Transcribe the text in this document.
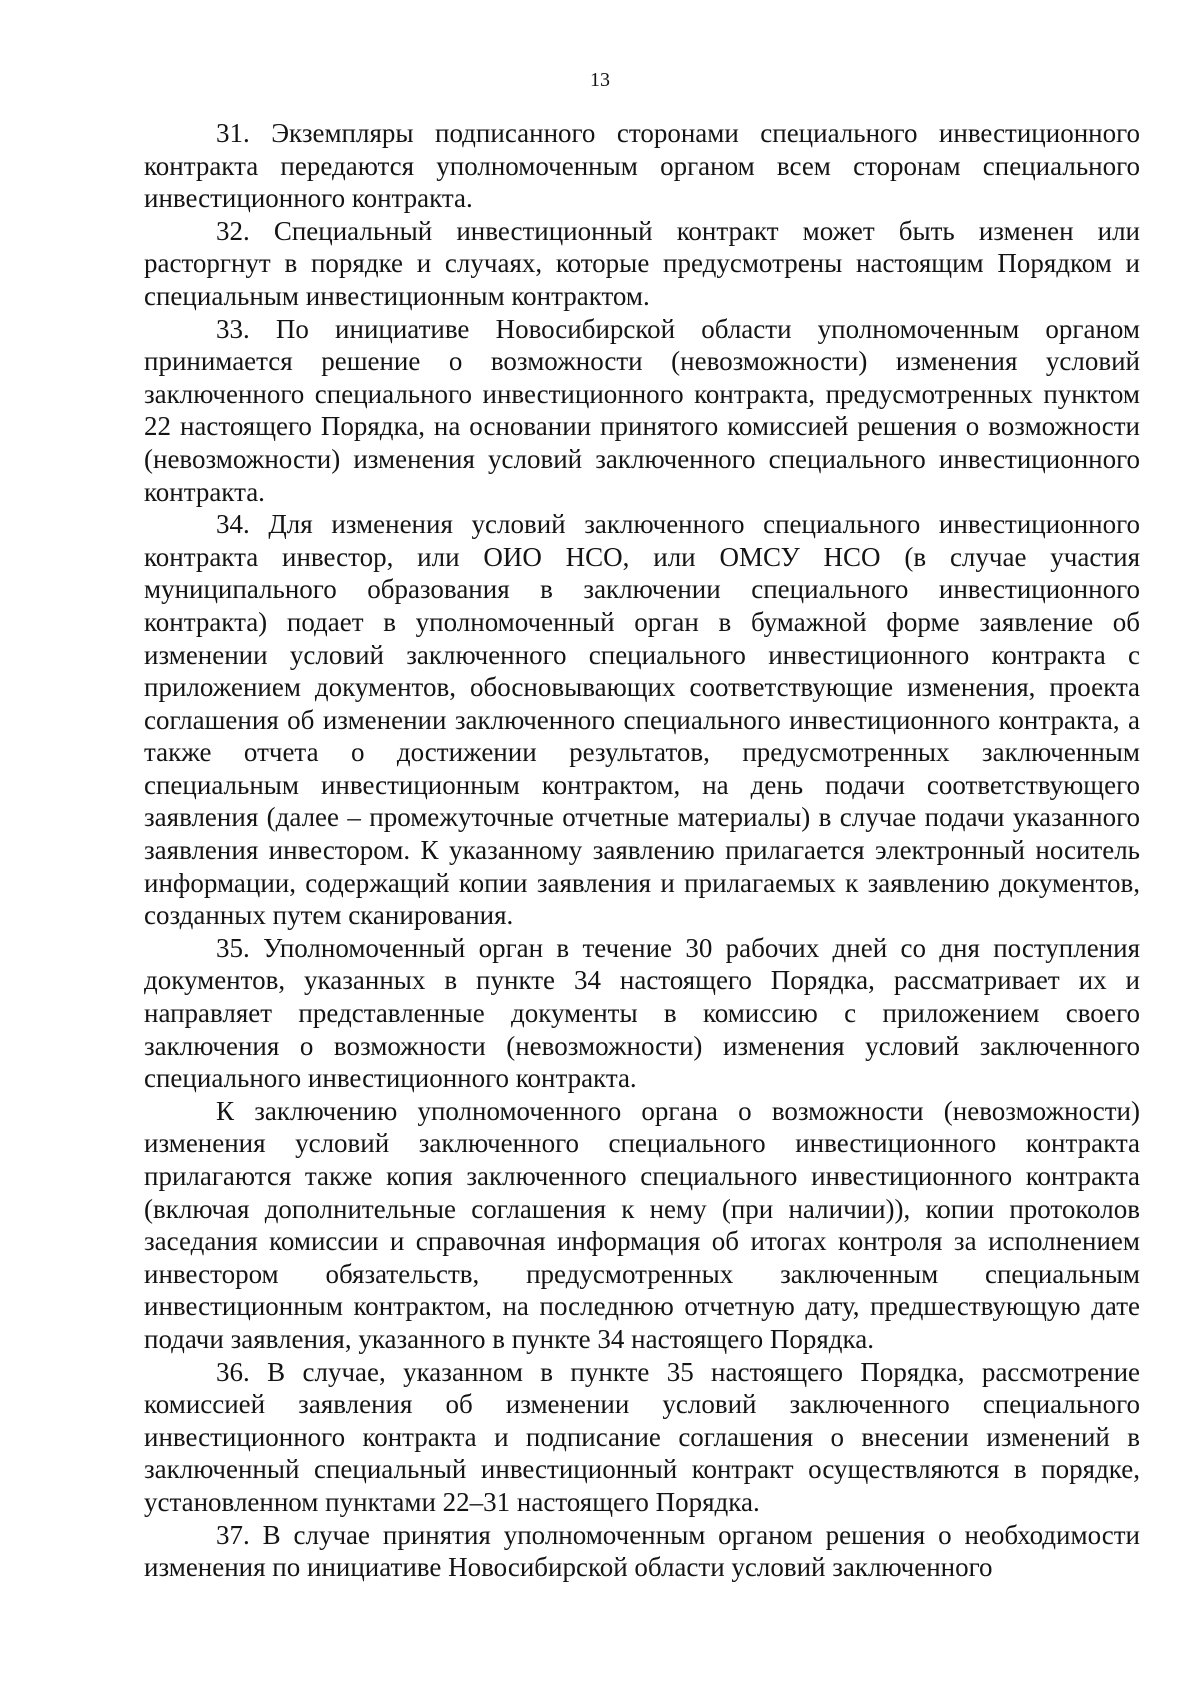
13

31. Экземпляры подписанного сторонами специального инвестиционного контракта передаются уполномоченным органом всем сторонам специального инвестиционного контракта.

32. Специальный инвестиционный контракт может быть изменен или расторгнут в порядке и случаях, которые предусмотрены настоящим Порядком и специальным инвестиционным контрактом.

33. По инициативе Новосибирской области уполномоченным органом принимается решение о возможности (невозможности) изменения условий заключенного специального инвестиционного контракта, предусмотренных пунктом 22 настоящего Порядка, на основании принятого комиссией решения о возможности (невозможности) изменения условий заключенного специального инвестиционного контракта.

34. Для изменения условий заключенного специального инвестиционного контракта инвестор, или ОИО НСО, или ОМСУ НСО (в случае участия муниципального образования в заключении специального инвестиционного контракта) подает в уполномоченный орган в бумажной форме заявление об изменении условий заключенного специального инвестиционного контракта с приложением документов, обосновывающих соответствующие изменения, проекта соглашения об изменении заключенного специального инвестиционного контракта, а также отчета о достижении результатов, предусмотренных заключенным специальным инвестиционным контрактом, на день подачи соответствующего заявления (далее – промежуточные отчетные материалы) в случае подачи указанного заявления инвестором. К указанному заявлению прилагается электронный носитель информации, содержащий копии заявления и прилагаемых к заявлению документов, созданных путем сканирования.

35. Уполномоченный орган в течение 30 рабочих дней со дня поступления документов, указанных в пункте 34 настоящего Порядка, рассматривает их и направляет представленные документы в комиссию с приложением своего заключения о возможности (невозможности) изменения условий заключенного специального инвестиционного контракта.

К заключению уполномоченного органа о возможности (невозможности) изменения условий заключенного специального инвестиционного контракта прилагаются также копия заключенного специального инвестиционного контракта (включая дополнительные соглашения к нему (при наличии)), копии протоколов заседания комиссии и справочная информация об итогах контроля за исполнением инвестором обязательств, предусмотренных заключенным специальным инвестиционным контрактом, на последнюю отчетную дату, предшествующую дате подачи заявления, указанного в пункте 34 настоящего Порядка.

36. В случае, указанном в пункте 35 настоящего Порядка, рассмотрение комиссией заявления об изменении условий заключенного специального инвестиционного контракта и подписание соглашения о внесении изменений в заключенный специальный инвестиционный контракт осуществляются в порядке, установленном пунктами 22–31 настоящего Порядка.

37. В случае принятия уполномоченным органом решения о необходимости изменения по инициативе Новосибирской области условий заключенного
